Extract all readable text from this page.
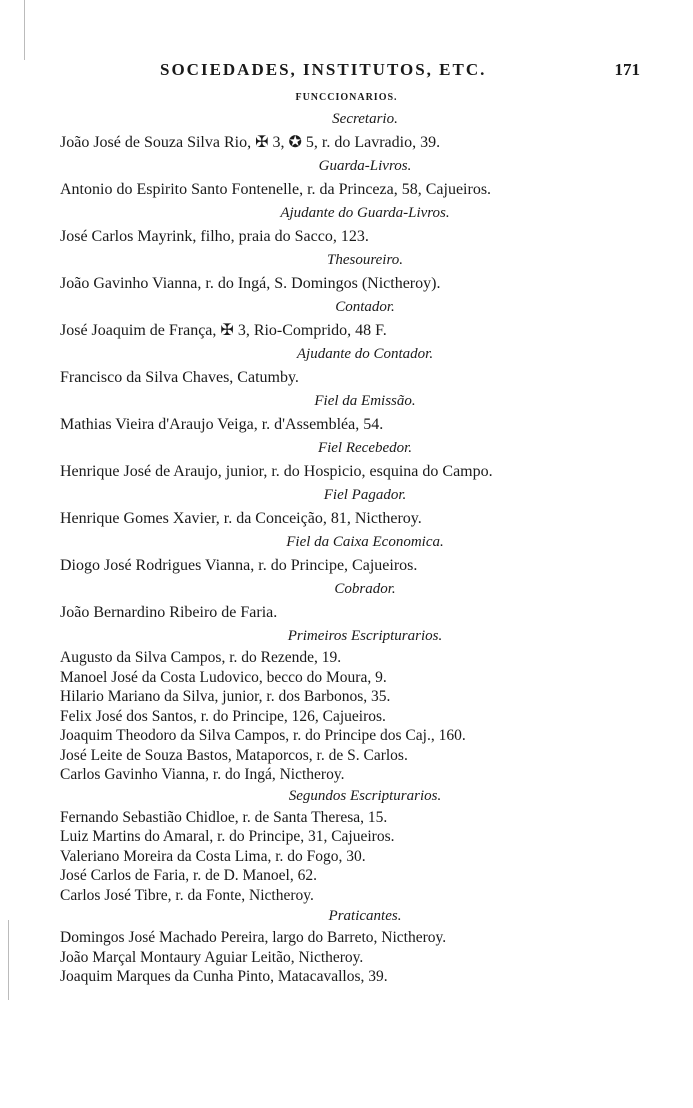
SOCIEDADES, INSTITUTOS, ETC.	171
FUNCCIONARIOS.
Secretario.
João José de Souza Silva Rio, ✠ 3, ✪ 5, r. do Lavradio, 39.
Guarda-Livros.
Antonio do Espirito Santo Fontenelle, r. da Princeza, 58, Cajueiros.
Ajudante do Guarda-Livros.
José Carlos Mayrink, filho, praia do Sacco, 123.
Thesoureiro.
João Gavinho Vianna, r. do Ingá, S. Domingos (Nictheroy).
Contador.
José Joaquim de França, ✠ 3, Rio-Comprido, 48 F.
Ajudante do Contador.
Francisco da Silva Chaves, Catumby.
Fiel da Emissão.
Mathias Vieira d'Araujo Veiga, r. d'Assembléa, 54.
Fiel Recebedor.
Henrique José de Araujo, junior, r. do Hospicio, esquina do Campo.
Fiel Pagador.
Henrique Gomes Xavier, r. da Conceição, 81, Nictheroy.
Fiel da Caixa Economica.
Diogo José Rodrigues Vianna, r. do Principe, Cajueiros.
Cobrador.
João Bernardino Ribeiro de Faria.
Primeiros Escripturarios.
Augusto da Silva Campos, r. do Rezende, 19.
Manoel José da Costa Ludovico, becco do Moura, 9.
Hilario Mariano da Silva, junior, r. dos Barbonos, 35.
Felix José dos Santos, r. do Principe, 126, Cajueiros.
Joaquim Theodoro da Silva Campos, r. do Principe dos Caj., 160.
José Leite de Souza Bastos, Mataporcos, r. de S. Carlos.
Carlos Gavinho Vianna, r. do Ingá, Nictheroy.
Segundos Escripturarios.
Fernando Sebastião Chidloe, r. de Santa Theresa, 15.
Luiz Martins do Amaral, r. do Principe, 31, Cajueiros.
Valeriano Moreira da Costa Lima, r. do Fogo, 30.
José Carlos de Faria, r. de D. Manoel, 62.
Carlos José Tibre, r. da Fonte, Nictheroy.
Praticantes.
Domingos José Machado Pereira, largo do Barreto, Nictheroy.
João Marçal Montaury Aguiar Leitão, Nictheroy.
Joaquim Marques da Cunha Pinto, Matacavallos, 39.
